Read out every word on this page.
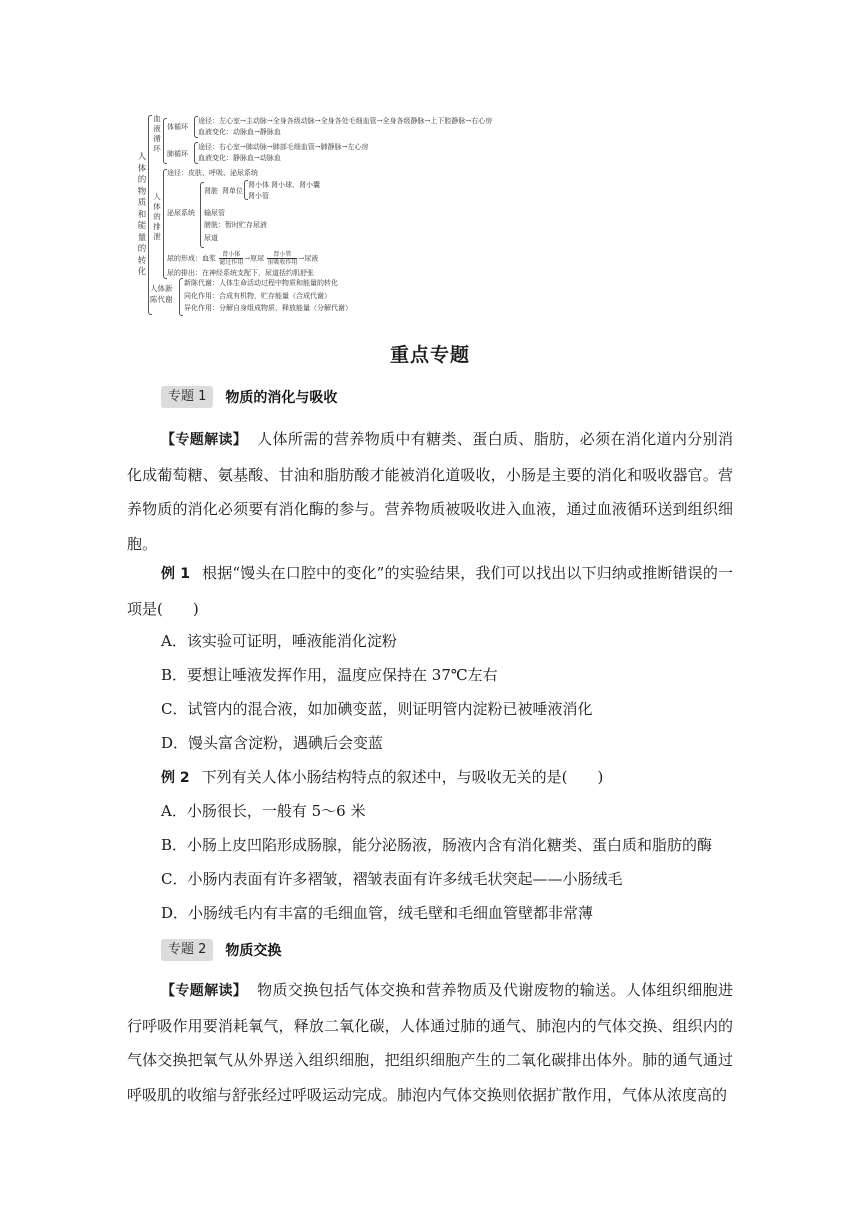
人体的物质和能量的转化
血液循环
体循环
途径：左心室→主动脉→全身各级动脉→全身各处毛细血管→全身各级静脉→上下腔静脉→右心房
血液变化：动脉血→静脉血
肺循环
途径：右心室→肺动脉→肺部毛细血管→肺静脉→左心房
血液变化：静脉血→动脉血
人体的排泄
途径：皮肤、呼吸、泌尿系统
泌尿系统
肾脏 肾单位
肾小体 肾小球、肾小囊
肾小管
输尿管
膀胱：暂时贮存尿液
尿道
尿的形成：血浆	肾小体
滤过作用 →原尿	肾小管
重吸收作用 →尿液
尿的排出：在神经系统支配下，尿道括约肌舒张
人体新陈代谢
新陈代谢：人体生命活动过程中物质和能量的转化
同化作用：合成有机物，贮存能量（合成代谢）
异化作用：分解自身组成物质，释放能量（分解代谢）
重点专题
专题 1	物质的消化与吸收

【专题解读】 人体所需的营养物质中有糖类、蛋白质、脂肪，必须在消化道内分别消化成葡萄糖、氨基酸、甘油和脂肪酸才能被消化道吸收，小肠是主要的消化和吸收器官。营养物质的消化必须要有消化酶的参与。营养物质被吸收进入血液，通过血液循环送到组织细胞。

例 1 根据“馒头在口腔中的变化”的实验结果，我们可以找出以下归纳或推断错误的一项是(　　)

A．该实验可证明，唾液能消化淀粉

B．要想让唾液发挥作用，温度应保持在 37℃左右

C．试管内的混合液，如加碘变蓝，则证明管内淀粉已被唾液消化

D．馒头富含淀粉，遇碘后会变蓝

例 2 下列有关人体小肠结构特点的叙述中，与吸收无关的是(　　)

A．小肠很长，一般有 5～6 米

B．小肠上皮凹陷形成肠腺，能分泌肠液，肠液内含有消化糖类、蛋白质和脂肪的酶

C．小肠内表面有许多褶皱，褶皱表面有许多绒毛状突起——小肠绒毛

D．小肠绒毛内有丰富的毛细血管，绒毛壁和毛细血管壁都非常薄

专题 2	物质交换

【专题解读】 物质交换包括气体交换和营养物质及代谢废物的输送。人体组织细胞进行呼吸作用要消耗氧气，释放二氧化碳，人体通过肺的通气、肺泡内的气体交换、组织内的气体交换把氧气从外界送入组织细胞，把组织细胞产生的二氧化碳排出体外。肺的通气通过呼吸肌的收缩与舒张经过呼吸运动完成。肺泡内气体交换则依据扩散作用，气体从浓度高的
